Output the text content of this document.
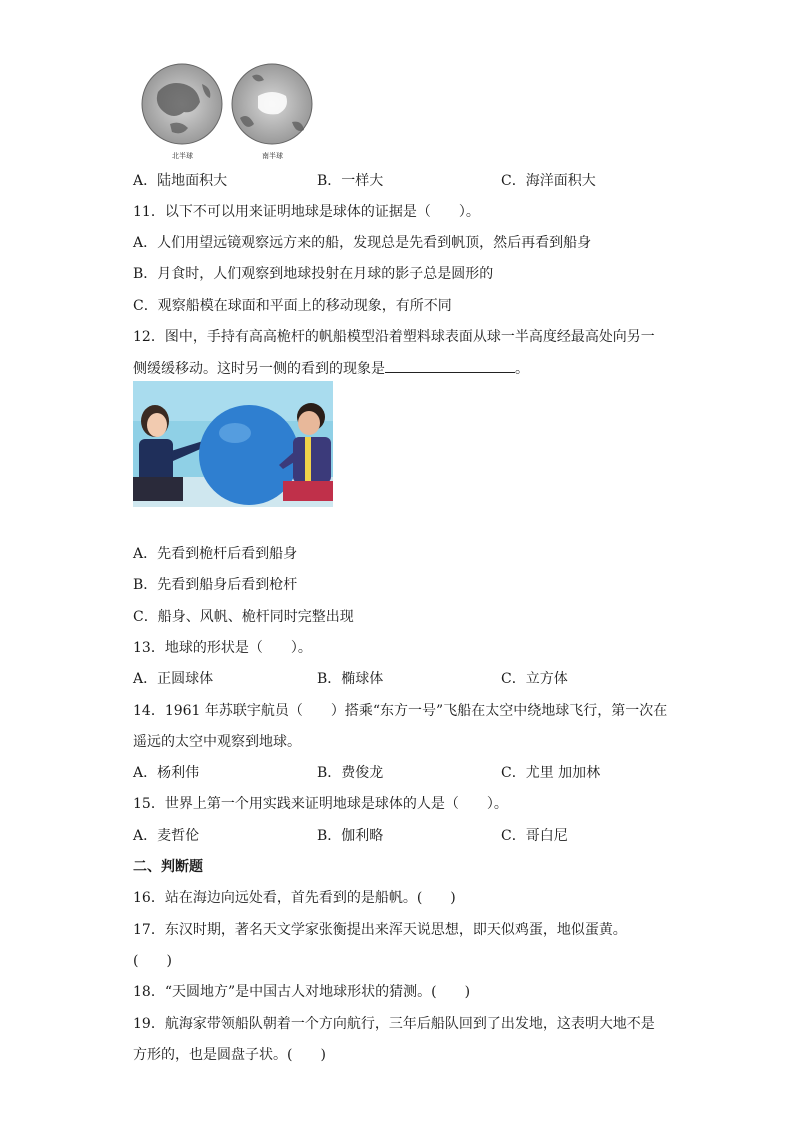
北半球	南半球
A．陆地面积大	B．一样大	C．海洋面积大
11．以下不可以用来证明地球是球体的证据是（　　）。
A．人们用望远镜观察远方来的船，发现总是先看到帆顶，然后再看到船身
B．月食时，人们观察到地球投射在月球的影子总是圆形的
C．观察船模在球面和平面上的移动现象，有所不同
12．图中，手持有高高桅杆的帆船模型沿着塑料球表面从球一半高度经最高处向另一
侧缓缓移动。这时另一侧的看到的现象是	。
A．先看到桅杆后看到船身
B．先看到船身后看到枪杆
C．船身、风帆、桅杆同时完整出现
13．地球的形状是（　　）。
A．正圆球体	B．椭球体	C．立方体
14．1961 年苏联宇航员（　　）搭乘“东方一号”飞船在太空中绕地球飞行，第一次在
遥远的太空中观察到地球。
A．杨利伟	B．费俊龙	C．尤里 加加林
15．世界上第一个用实践来证明地球是球体的人是（　　）。
A．麦哲伦	B．伽利略	C．哥白尼
二、判断题
16．站在海边向远处看，首先看到的是船帆。(　　)
17．东汉时期，著名天文学家张衡提出来浑天说思想，即天似鸡蛋，地似蛋黄。
(　　)
18．“天圆地方”是中国古人对地球形状的猜测。(　　)
19．航海家带领船队朝着一个方向航行，三年后船队回到了出发地，这表明大地不是
方形的，也是圆盘子状。(　　)
